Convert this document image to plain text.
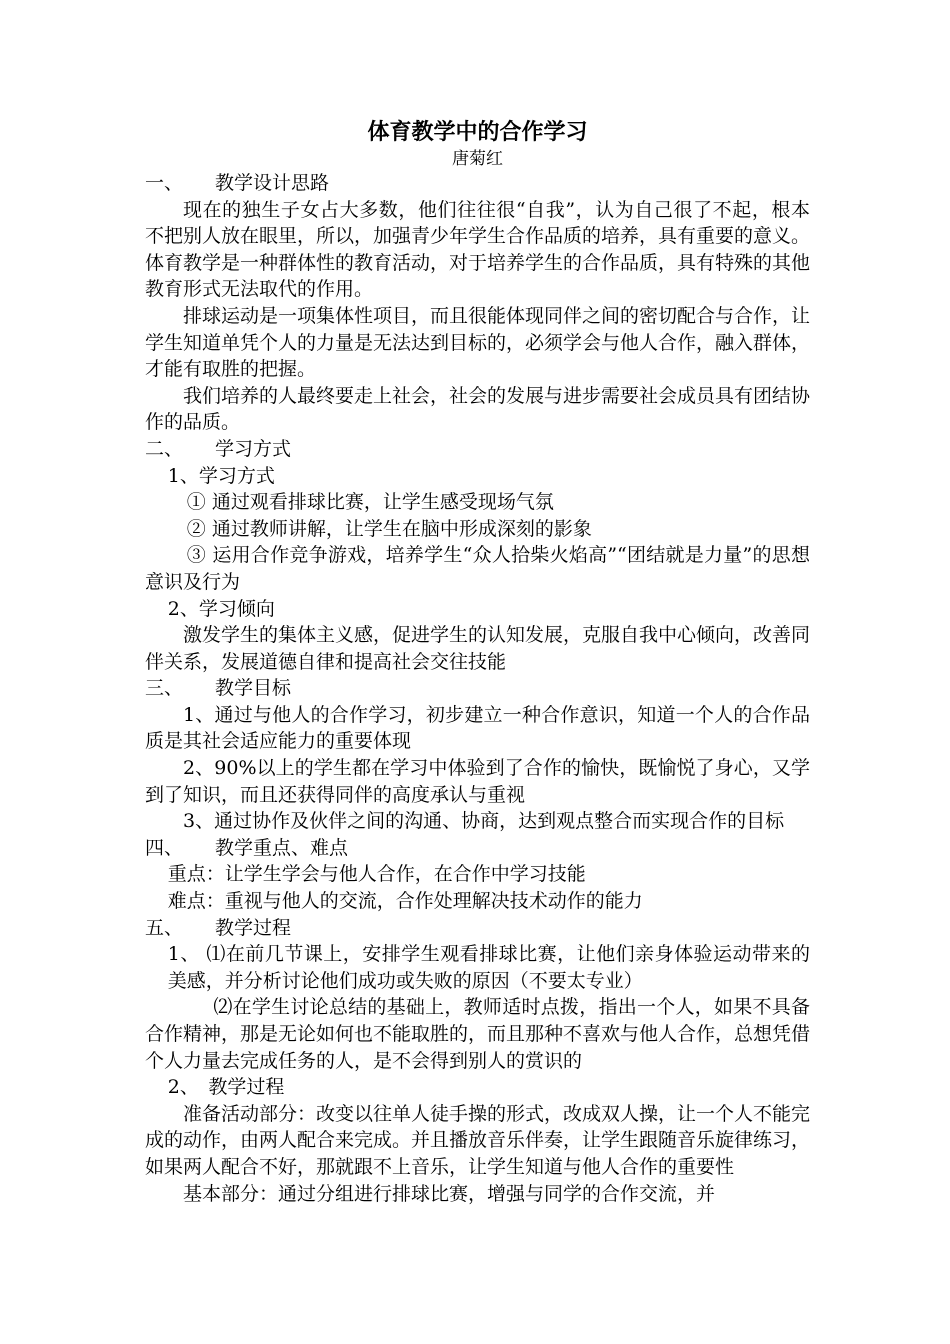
体育教学中的合作学习
唐菊红

一、 教学设计思路

现在的独生子女占大多数，他们往往很“自我”，认为自己很了不起，根本不把别人放在眼里，所以，加强青少年学生合作品质的培养，具有重要的意义。体育教学是一种群体性的教育活动，对于培养学生的合作品质，具有特殊的其他教育形式无法取代的作用。

排球运动是一项集体性项目，而且很能体现同伴之间的密切配合与合作，让学生知道单凭个人的力量是无法达到目标的，必须学会与他人合作，融入群体，才能有取胜的把握。

我们培养的人最终要走上社会，社会的发展与进步需要社会成员具有团结协作的品质。

二、 学习方式

1、学习方式

① 通过观看排球比赛，让学生感受现场气氛

② 通过教师讲解，让学生在脑中形成深刻的影象

③ 运用合作竞争游戏，培养学生“众人拾柴火焰高”“团结就是力量”的思想意识及行为

2、学习倾向

激发学生的集体主义感，促进学生的认知发展，克服自我中心倾向，改善同伴关系，发展道德自律和提高社会交往技能

三、 教学目标

1、通过与他人的合作学习，初步建立一种合作意识，知道一个人的合作品质是其社会适应能力的重要体现

2、90%以上的学生都在学习中体验到了合作的愉快，既愉悦了身心，又学到了知识，而且还获得同伴的高度承认与重视

3、通过协作及伙伴之间的沟通、协商，达到观点整合而实现合作的目标

四、 教学重点、难点

重点：让学生学会与他人合作，在合作中学习技能

难点：重视与他人的交流，合作处理解决技术动作的能力

五、 教学过程

1、 ⑴在前几节课上，安排学生观看排球比赛，让他们亲身体验运动带来的美感，并分析讨论他们成功或失败的原因（不要太专业）

⑵在学生讨论总结的基础上，教师适时点拨，指出一个人，如果不具备合作精神，那是无论如何也不能取胜的，而且那种不喜欢与他人合作，总想凭借个人力量去完成任务的人，是不会得到别人的赏识的

2、　教学过程

准备活动部分：改变以往单人徒手操的形式，改成双人操，让一个人不能完成的动作，由两人配合来完成。并且播放音乐伴奏，让学生跟随音乐旋律练习，如果两人配合不好，那就跟不上音乐，让学生知道与他人合作的重要性

基本部分：通过分组进行排球比赛，增强与同学的合作交流，并
